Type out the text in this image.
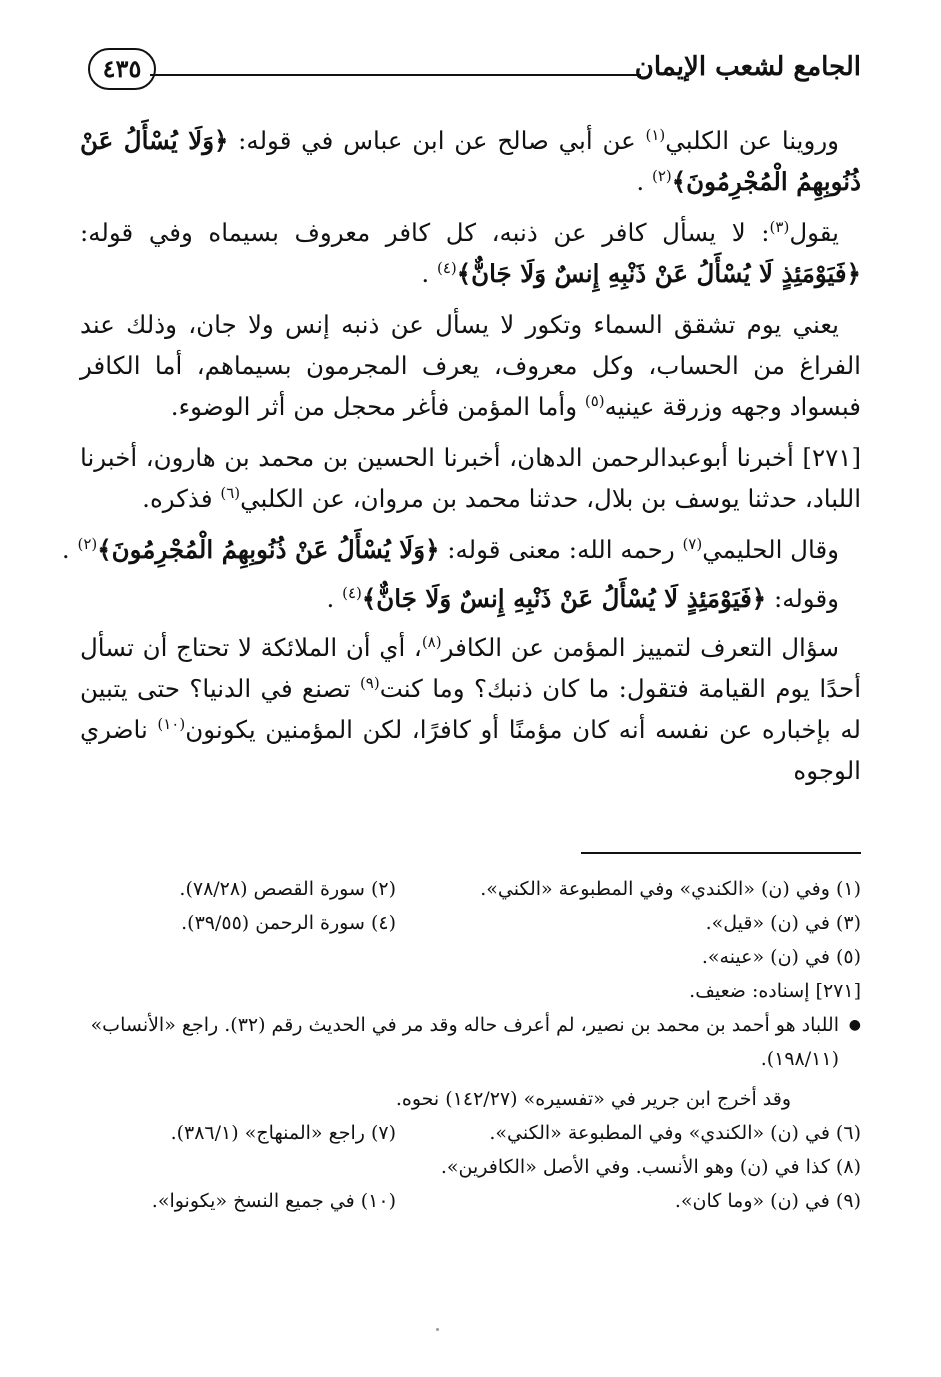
الجامع لشعب الإيمان
٤٣٥

وروينا عن الكلبي$^{(١)}$ عن أبي صالح عن ابن عباس في قوله: ﴿وَلَا يُسْأَلُ عَنْ ذُنُوبِهِمُ الْمُجْرِمُونَ﴾$^{(٢)}$ .

يقول$^{(٣)}$: لا يسأل كافر عن ذنبه، كل كافر معروف بسيماه وفي قوله: ﴿فَيَوْمَئِذٍ لَا يُسْأَلُ عَنْ ذَنْبِهِ إِنسٌ وَلَا جَانٌّ﴾$^{(٤)}$ .

يعني يوم تشقق السماء وتكور لا يسأل عن ذنبه إنس ولا جان، وذلك عند الفراغ من الحساب، وكل معروف، يعرف المجرمون بسيماهم، أما الكافر فبسواد وجهه وزرقة عينيه$^{(٥)}$ وأما المؤمن فأغر محجل من أثر الوضوء.

[٢٧١] أخبرنا أبوعبدالرحمن الدهان، أخبرنا الحسين بن محمد بن هارون، أخبرنا اللباد، حدثنا يوسف بن بلال، حدثنا محمد بن مروان، عن الكلبي$^{(٦)}$ فذكره.

وقال الحليمي$^{(٧)}$ رحمه الله: معنى قوله: ﴿وَلَا يُسْأَلُ عَنْ ذُنُوبِهِمُ الْمُجْرِمُونَ﴾$^{(٢)}$ .

وقوله: ﴿فَيَوْمَئِذٍ لَا يُسْأَلُ عَنْ ذَنْبِهِ إِنسٌ وَلَا جَانٌّ﴾$^{(٤)}$ .

سؤال التعرف لتمييز المؤمن عن الكافر$^{(٨)}$، أي أن الملائكة لا تحتاج أن تسأل أحدًا يوم القيامة فتقول: ما كان ذنبك؟ وما كنت$^{(٩)}$ تصنع في الدنيا؟ حتى يتبين له بإخباره عن نفسه أنه كان مؤمنًا أو كافرًا، لكن المؤمنين يكونون$^{(١٠)}$ ناضري الوجوه

(١) وفي (ن) «الكندي» وفي المطبوعة «الكني».
(٢) سورة القصص (٧٨/٢٨).
(٣) في (ن) «قيل».
(٤) سورة الرحمن (٣٩/٥٥).
(٥) في (ن) «عينه».
[٢٧١] إسناده: ضعيف.
● اللباد هو أحمد بن محمد بن نصير، لم أعرف حاله وقد مر في الحديث رقم (٣٢). راجع «الأنساب» (١٩٨/١١).
وقد أخرج ابن جرير في «تفسيره» (١٤٢/٢٧) نحوه.
(٦) في (ن) «الكندي» وفي المطبوعة «الكني».
(٧) راجع «المنهاج» (٣٨٦/١).
(٨) كذا في (ن) وهو الأنسب. وفي الأصل «الكافرين».
(٩) في (ن) «وما كان».
(١٠) في جميع النسخ «يكونوا».
